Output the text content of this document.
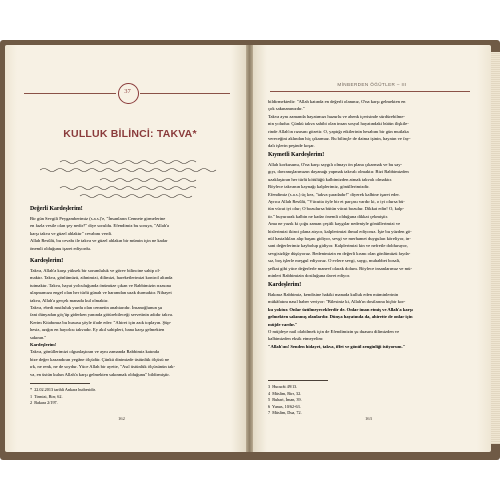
37
KULLUK BİLİNCİ: TAKVA*
Değerli Kardeşlerim!
Bir gün Sevgili Peygamberimiz (s.a.s.)'e, "İnsanların Cennete girmelerine
en fazla vesile olan şey nedir?" diye soruldu. Efendimiz bu soruya, "Allah'a
karşı takva ve güzel ahlaktır" cevabını verdi.
Allah Resûlü, bu cevabı ile takva ve güzel ahlakın bir mümin için ne kadar
önemli olduğunu işaret ediyordu.
Kardeşlerim!
Takva, Allah'a karşı yüksek bir sorumluluk ve görev bilincine sahip ol-
maktır. Takva, gönlümüzü, zihnimizi, dilimizi, hareketlerimizi kontrol altında
tutmaktır. Takva, hayat yolculuğunda önümüze çıkan ve Rabbimizin rızasına
ulaşmamıza engel olan her türlü günah ve haramdan uzak durmaktır. Nihayet
takva, Allah'a gerçek manada kul olmaktır.
Takva, ebedi mutluluk yurdu olan cennetin anahtarıdır. İnsanoğlunun şu
fani dünyadan göç'üp giderken yanında götürebileceği servetinin adıdır takva.
Kerim Kitabımız bu hususu şöyle ifade eder: "Ahiret için azık toplayın. Şüp-
hesiz, azığın en hayırlısı takvadır. Ey akıl sahipleri, bana karşı gelmekten
sakının."
Kardeşlerim!
Takva, gönüllerimizi olgunlaştıran ve aynı zamanda Rabbimiz katında
bize değer kazandıran yegâne ölçüdür. Çünkü dinimizde üstünlük ölçüsü ne
ırk, ne renk, ne de soydur. Yüce Allah bir ayette, "Asıl üstünlük ölçüsünün tak-
va, en üstün kulun Allah'a karşı gelmekten sakınmak olduğunu" bildirmiştir.
*  22.02.2013 tarihli Ankara hutbesidir.
1  Tirmizi, Birr, 62.
2  Bakara 2/197.
162
MİNBERDEN ÖĞÜTLER – III
bildirmektedir: "Allah katında en değerli olanınız, O'na karşı gelmekten en
çok sakınanınızdır."
Takva aynı zamanda hayatımızı huzurlu ve ahenk içerisinde sürdürebilme-
nin yoludur. Çünkü takva sahibi olan insan sosyal hayatındaki bütün ilişkile-
rinde Allah'ın rızasını gözetir. O, yaptığı etkilerinin hesabını bir gün mutlaka
vereceğini aklından hiç çıkarmaz. Bu bilinçle de daima işinin, hayatın ve fay-
dalı işlerin peşinde koşar.
Kıymetli Kardeşlerim!
Allah korkusunu, O'na karşı saygılı olmayı ön plana çıkarmak ve bu say-
gıyı, davranışlarımızın dayanağı yapmak takvalı olmaktır. Bizi Rabbimizden
uzaklaştıran her türlü kötülüğü kalbimizden atmak takvalı olmaktır.
Böylece takvanın kaynağı kalplerimiz, gönüllerimizdir.
Efendimiz (s.a.s.) üç kez, "takva şuradadır!" diyerek kalbine işaret eder.
Ayrıca Allah Resûlü, "Vücutta öyle bir et parçası vardır ki, o iyi olursa bü-
tün vücut iyi olur; O bozulursa bütün vücut bozulur. Dikkat edin! O, kalp-
tir." buyurarak kalbin ne kadar önemli olduğuna dikkat çekmiştir.
Ama ne yazık ki çoğu zaman çeşitli kaygılar nedeniyle gönüllerimizi ve
hislerimizi ikinci plana atıyor, kalplerimizi ihmal ediyoruz. İşte bu yüzden gö-
nül hastalıkları alıp başını gidiyor, sevgi ve merhamet duyguları köreliyor, in-
sani değerlerimiz kaybolup gidiyor. Kalplerimizi kin ve nefretle dolduruyor,
sevgisizliğe düşüyoruz. Bedenimizin en değerli kısmı olan gönlümüzü fayda-
sız, boş işlerle meşgul ediyoruz. O evlere sevgi, saygı, muhabbet bosalt,
şefkat gibi yüce değerlerle manevî olarak dolum. Böylece insanlarımız ve mü-
minleri Rabbimizin dostluğuna davet ediyor.
Kardeşlerim!
Bakınız Rabbimiz, kendisine hakiki manada kulluk eden müminlerinin
mükâfatını nasıl haber veriyor: "Bilesiniz ki, Allah'ın dostlarına hiçbir kor-
ku yoktur. Onlar üzülmeyeceklerdir de. Onlar iman etmiş ve Allah'a karşı
gelmekten sakınmış olanlardır. Dünya hayatında da, ahirette de onlar için
müjde vardır."
O müjdeye nail olabilmek için de Efendimizin şu duasını dilimizden ve
kalbimizden eksik etmeyelim:
"Allah'ım! Senden hidayet, takva, iffet ve gönül zenginliği istiyorum."
3  Hucurât 49/13.
4  Müslim, Birr, 32.
5  Buhari, İman, 39.
6  Yunus, 10/62-63.
7  Müslim, Dua, 72.
163
